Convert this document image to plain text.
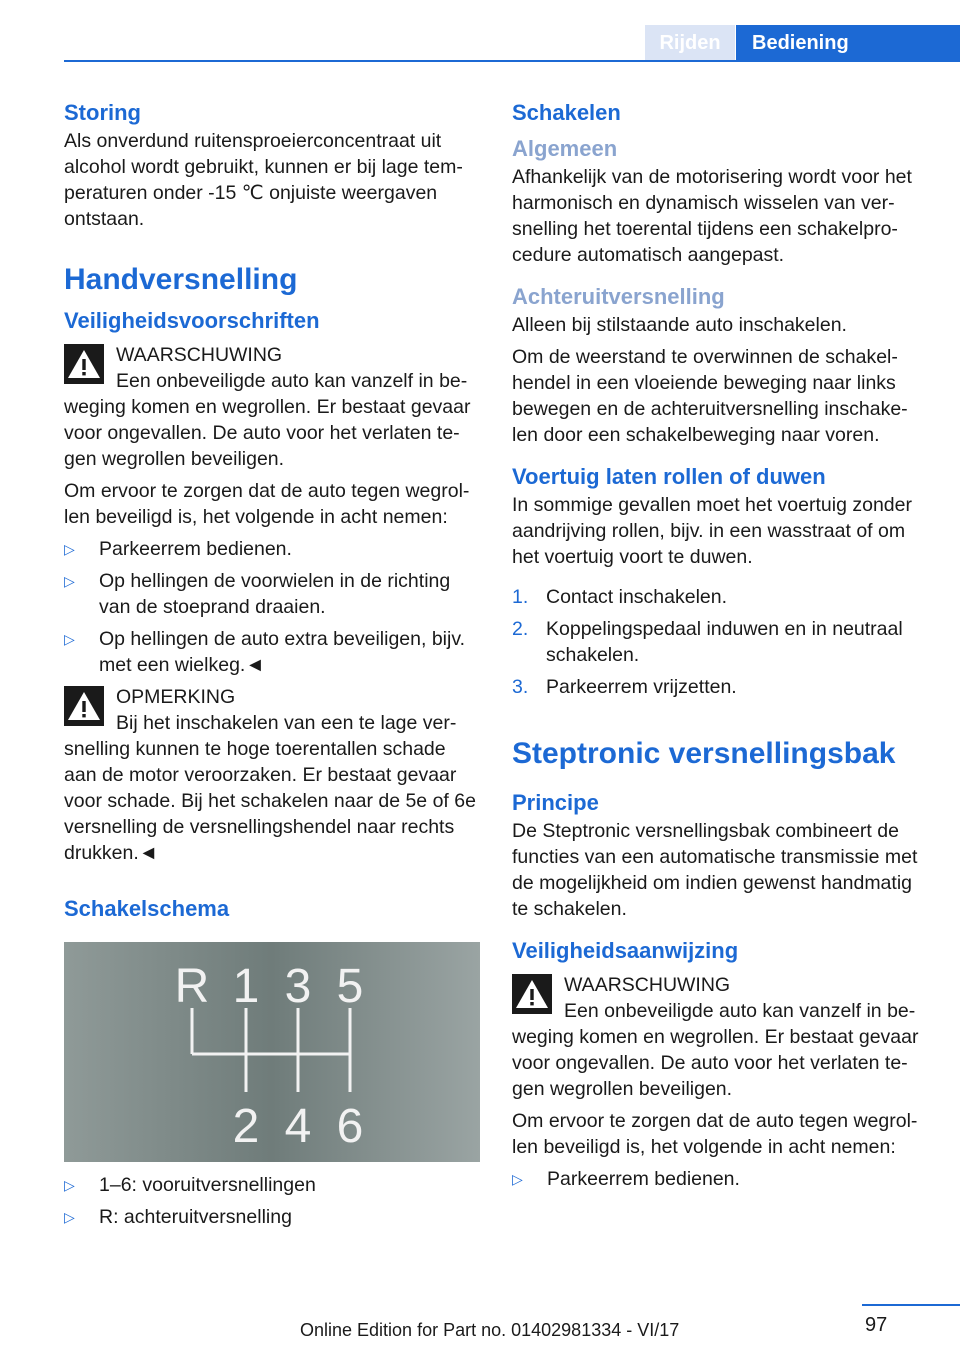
Rijden	Bediening
Storing

Als onverdund ruitensproeierconcentraat uit alcohol wordt gebruikt, kunnen er bij lage tem-peraturen onder -15 ℃ onjuiste weergaven ontstaan.

Handversnelling
Veiligheidsvoorschriften
WAARSCHUWING

Een onbeveiligde auto kan vanzelf in be-weging komen en wegrollen. Er bestaat gevaar voor ongevallen. De auto voor het verlaten te-gen wegrollen beveiligen.

Om ervoor te zorgen dat de auto tegen wegrol-len beveiligd is, het volgende in acht nemen:

▷ Parkeerrem bedienen.
▷ Op hellingen de voorwielen in de richting van de stoeprand draaien.
▷ Op hellingen de auto extra beveiligen, bijv. met een wielkeg.◄
OPMERKING

Bij het inschakelen van een te lage ver-snelling kunnen te hoge toerentallen schade aan de motor veroorzaken. Er bestaat gevaar voor schade. Bij het schakelen naar de 5e of 6e versnelling de versnellingshendel naar rechts drukken.◄

Schakelschema
R 1 3 5
2 4 6
▷ 1–6: vooruitversnellingen
▷ R: achteruitversnelling
Schakelen
Algemeen

Afhankelijk van de motorisering wordt voor het harmonisch en dynamisch wisselen van ver-snelling het toerental tijdens een schakelpro-cedure automatisch aangepast.

Achteruitversnelling

Alleen bij stilstaande auto inschakelen.

Om de weerstand te overwinnen de schakel-hendel in een vloeiende beweging naar links bewegen en de achteruitversnelling inschake-len door een schakelbeweging naar voren.

Voertuig laten rollen of duwen

In sommige gevallen moet het voertuig zonder aandrijving rollen, bijv. in een wasstraat of om het voertuig voort te duwen.

1. Contact inschakelen.
2. Koppelingspedaal induwen en in neutraal schakelen.
3. Parkeerrem vrijzetten.
Steptronic versnellingsbak
Principe

De Steptronic versnellingsbak combineert de functies van een automatische transmissie met de mogelijkheid om indien gewenst handmatig te schakelen.

Veiligheidsaanwijzing
WAARSCHUWING

Een onbeveiligde auto kan vanzelf in be-weging komen en wegrollen. Er bestaat gevaar voor ongevallen. De auto voor het verlaten te-gen wegrollen beveiligen.

Om ervoor te zorgen dat de auto tegen wegrol-len beveiligd is, het volgende in acht nemen:

▷ Parkeerrem bedienen.
Online Edition for Part no. 01402981334 - VI/17	97
